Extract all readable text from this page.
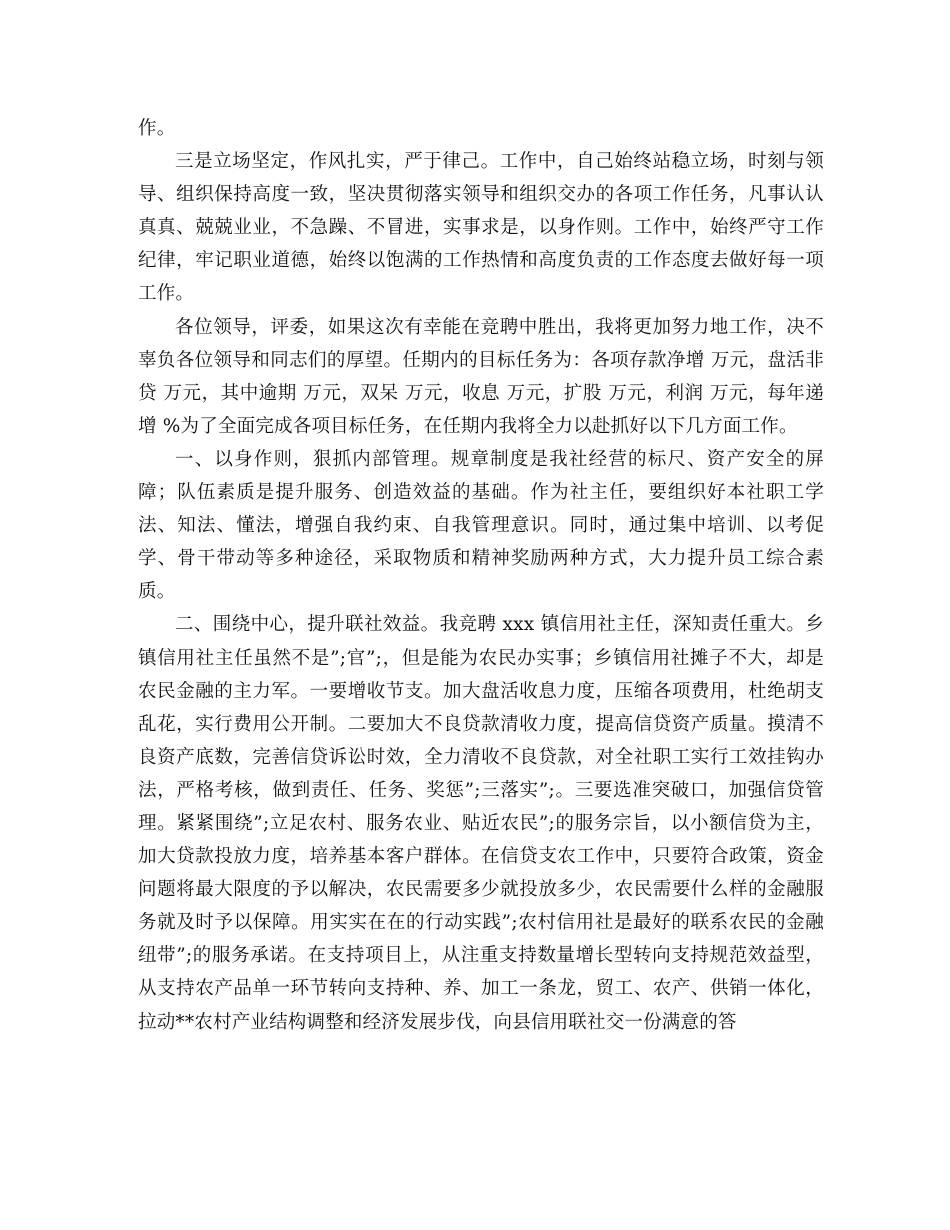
作。

三是立场坚定，作风扎实，严于律己。工作中，自己始终站稳立场，时刻与领导、组织保持高度一致，坚决贯彻落实领导和组织交办的各项工作任务，凡事认认真真、兢兢业业，不急躁、不冒进，实事求是，以身作则。工作中，始终严守工作纪律，牢记职业道德，始终以饱满的工作热情和高度负责的工作态度去做好每一项工作。

各位领导，评委，如果这次有幸能在竞聘中胜出，我将更加努力地工作，决不辜负各位领导和同志们的厚望。任期内的目标任务为：各项存款净增 万元，盘活非贷 万元，其中逾期 万元，双呆 万元，收息 万元，扩股 万元，利润 万元，每年递增 %为了全面完成各项目标任务，在任期内我将全力以赴抓好以下几方面工作。

一、以身作则，狠抓内部管理。规章制度是我社经营的标尺、资产安全的屏障；队伍素质是提升服务、创造效益的基础。作为社主任，要组织好本社职工学法、知法、懂法，增强自我约束、自我管理意识。同时，通过集中培训、以考促学、骨干带动等多种途径，采取物质和精神奖励两种方式，大力提升员工综合素质。

二、围绕中心，提升联社效益。我竞聘 xxx 镇信用社主任，深知责任重大。乡镇信用社主任虽然不是”;官”;，但是能为农民办实事；乡镇信用社摊子不大，却是农民金融的主力军。一要增收节支。加大盘活收息力度，压缩各项费用，杜绝胡支乱花，实行费用公开制。二要加大不良贷款清收力度，提高信贷资产质量。摸清不良资产底数，完善信贷诉讼时效，全力清收不良贷款，对全社职工实行工效挂钩办法，严格考核，做到责任、任务、奖惩”;三落实”;。三要选准突破口，加强信贷管理。紧紧围绕”;立足农村、服务农业、贴近农民”;的服务宗旨，以小额信贷为主，加大贷款投放力度，培养基本客户群体。在信贷支农工作中，只要符合政策，资金问题将最大限度的予以解决，农民需要多少就投放多少，农民需要什么样的金融服务就及时予以保障。用实实在在的行动实践”;农村信用社是最好的联系农民的金融纽带”;的服务承诺。在支持项目上，从注重支持数量增长型转向支持规范效益型，从支持农产品单一环节转向支持种、养、加工一条龙，贸工、农产、供销一体化，拉动**农村产业结构调整和经济发展步伐，向县信用联社交一份满意的答
